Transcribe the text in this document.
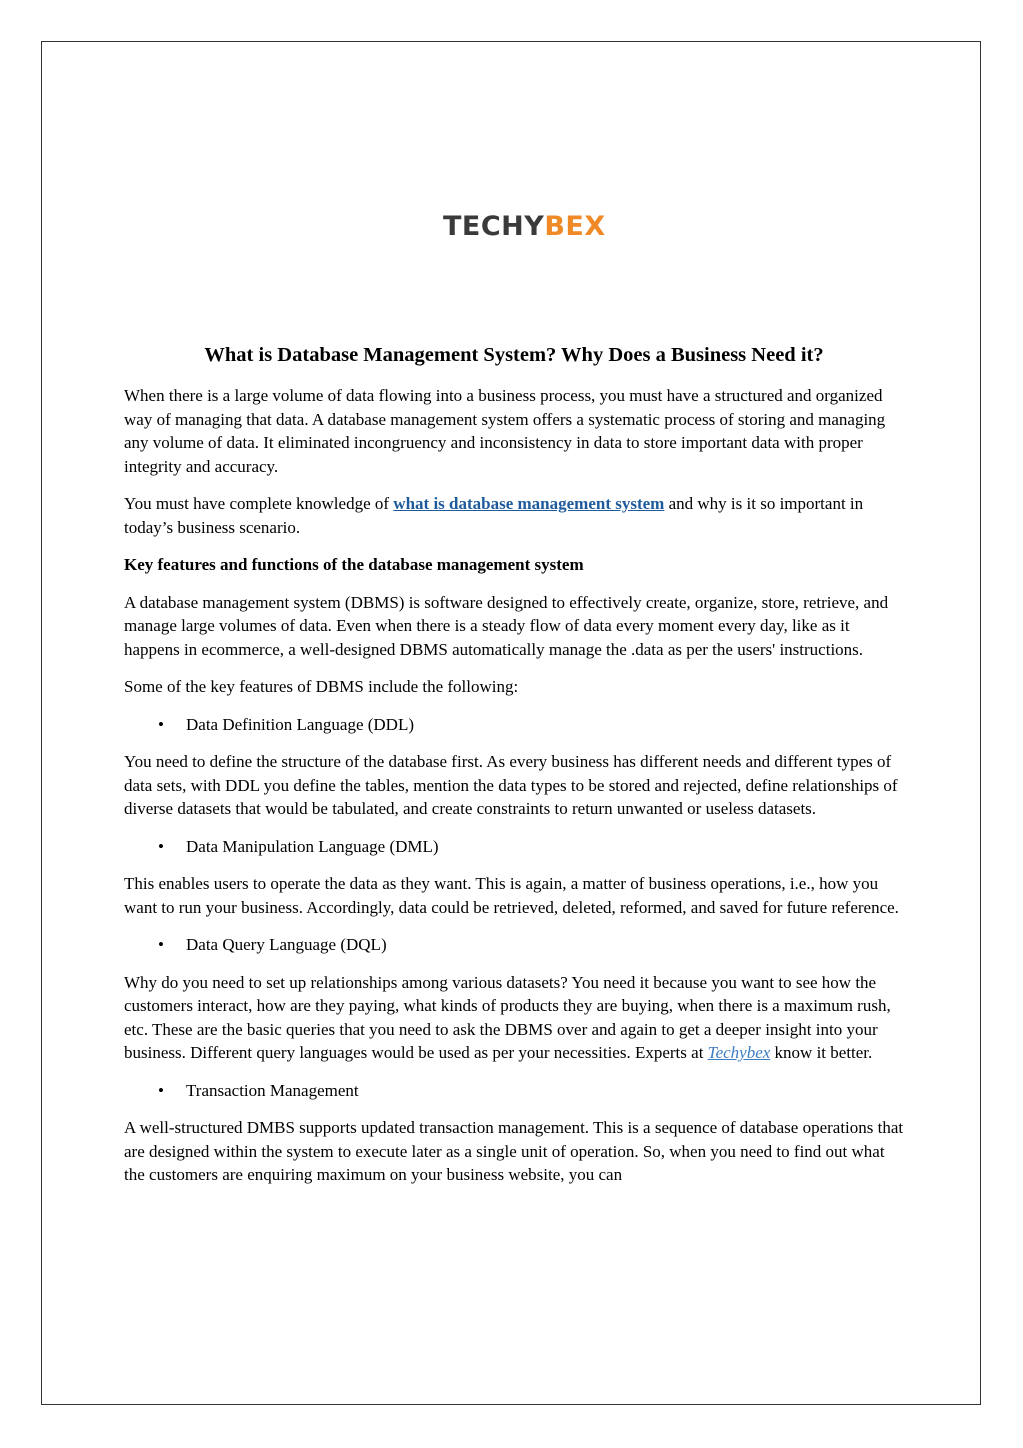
TECHY BEX
What is Database Management System? Why Does a Business Need it?

When there is a large volume of data flowing into a business process, you must have a structured and organized way of managing that data. A database management system offers a systematic process of storing and managing any volume of data. It eliminated incongruency and inconsistency in data to store important data with proper integrity and accuracy.

You must have complete knowledge of what is database management system and why is it so important in today’s business scenario.

Key features and functions of the database management system

A database management system (DBMS) is software designed to effectively create, organize, store, retrieve, and manage large volumes of data. Even when there is a steady flow of data every moment every day, like as it happens in ecommerce, a well-designed DBMS automatically manage the .data as per the users' instructions.

Some of the key features of DBMS include the following:

• Data Definition Language (DDL)

You need to define the structure of the database first. As every business has different needs and different types of data sets, with DDL you define the tables, mention the data types to be stored and rejected, define relationships of diverse datasets that would be tabulated, and create constraints to return unwanted or useless datasets.

• Data Manipulation Language (DML)

This enables users to operate the data as they want. This is again, a matter of business operations, i.e., how you want to run your business. Accordingly, data could be retrieved, deleted, reformed, and saved for future reference.

• Data Query Language (DQL)

Why do you need to set up relationships among various datasets? You need it because you want to see how the customers interact, how are they paying, what kinds of products they are buying, when there is a maximum rush, etc. These are the basic queries that you need to ask the DBMS over and again to get a deeper insight into your business. Different query languages would be used as per your necessities. Experts at Techybex know it better.

• Transaction Management

A well-structured DMBS supports updated transaction management. This is a sequence of database operations that are designed within the system to execute later as a single unit of operation. So, when you need to find out what the customers are enquiring maximum on your business website, you can
